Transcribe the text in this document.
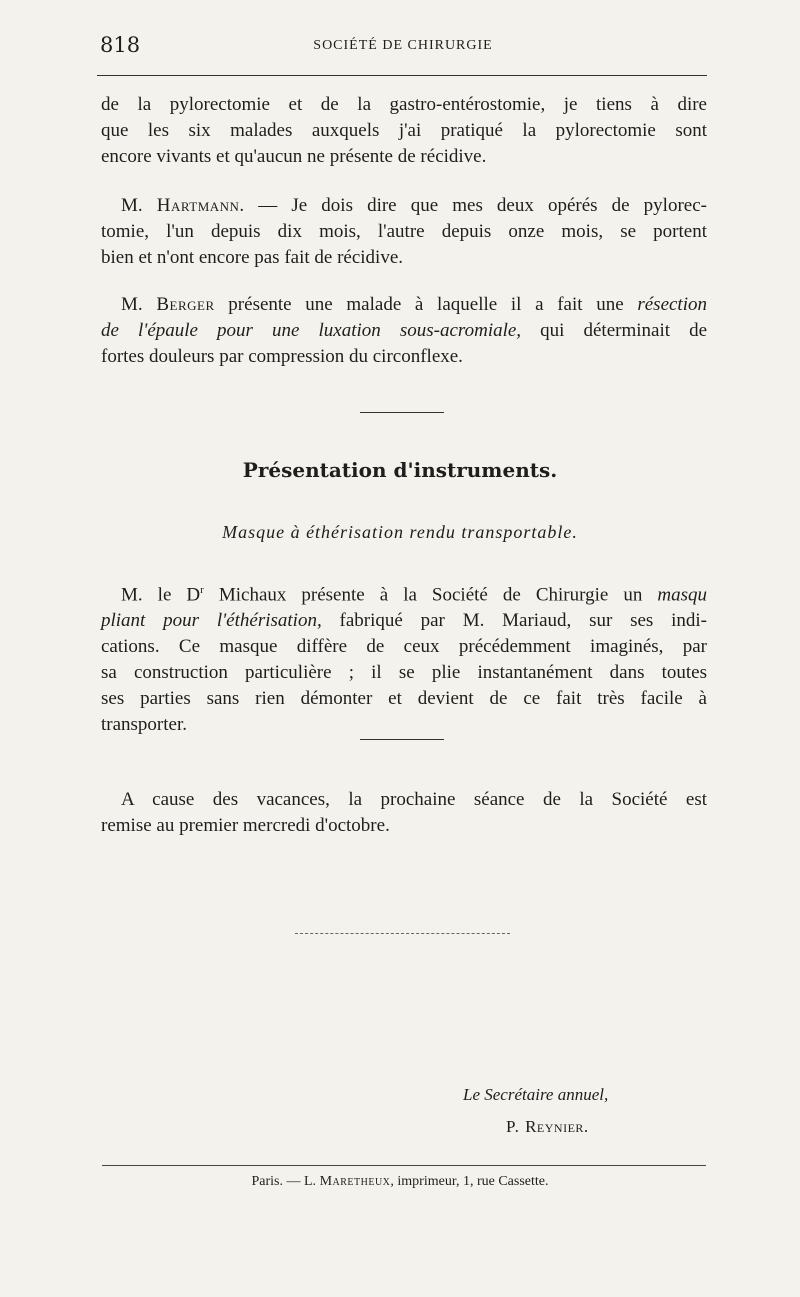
818	SOCIÉTÉ DE CHIRURGIE
de la pylorectomie et de la gastro-entérostomie, je tiens à dire
que les six malades auxquels j'ai pratiqué la pylorectomie sont
encore vivants et qu'aucun ne présente de récidive.
M. Hartmann. — Je dois dire que mes deux opérés de pylorec-
tomie, l'un depuis dix mois, l'autre depuis onze mois, se portent
bien et n'ont encore pas fait de récidive.
M. Berger présente une malade à laquelle il a fait une résection
de l'épaule pour une luxation sous-acromiale, qui déterminait de
fortes douleurs par compression du circonflexe.
Présentation d'instruments.
Masque à éthérisation rendu transportable.
M. le $D^r$ Michaux présente à la Société de Chirurgie un masqu
pliant pour l'éthérisation, fabriqué par M. Mariaud, sur ses indi-
cations. Ce masque diffère de ceux précédemment imaginés, par
sa construction particulière ; il se plie instantanément dans toutes
ses parties sans rien démonter et devient de ce fait très facile à
transporter.
A cause des vacances, la prochaine séance de la Société est
remise au premier mercredi d'octobre.
Le Secrétaire annuel,
P. Reynier.
Paris. — L. Maretheux, imprimeur, 1, rue Cassette.
